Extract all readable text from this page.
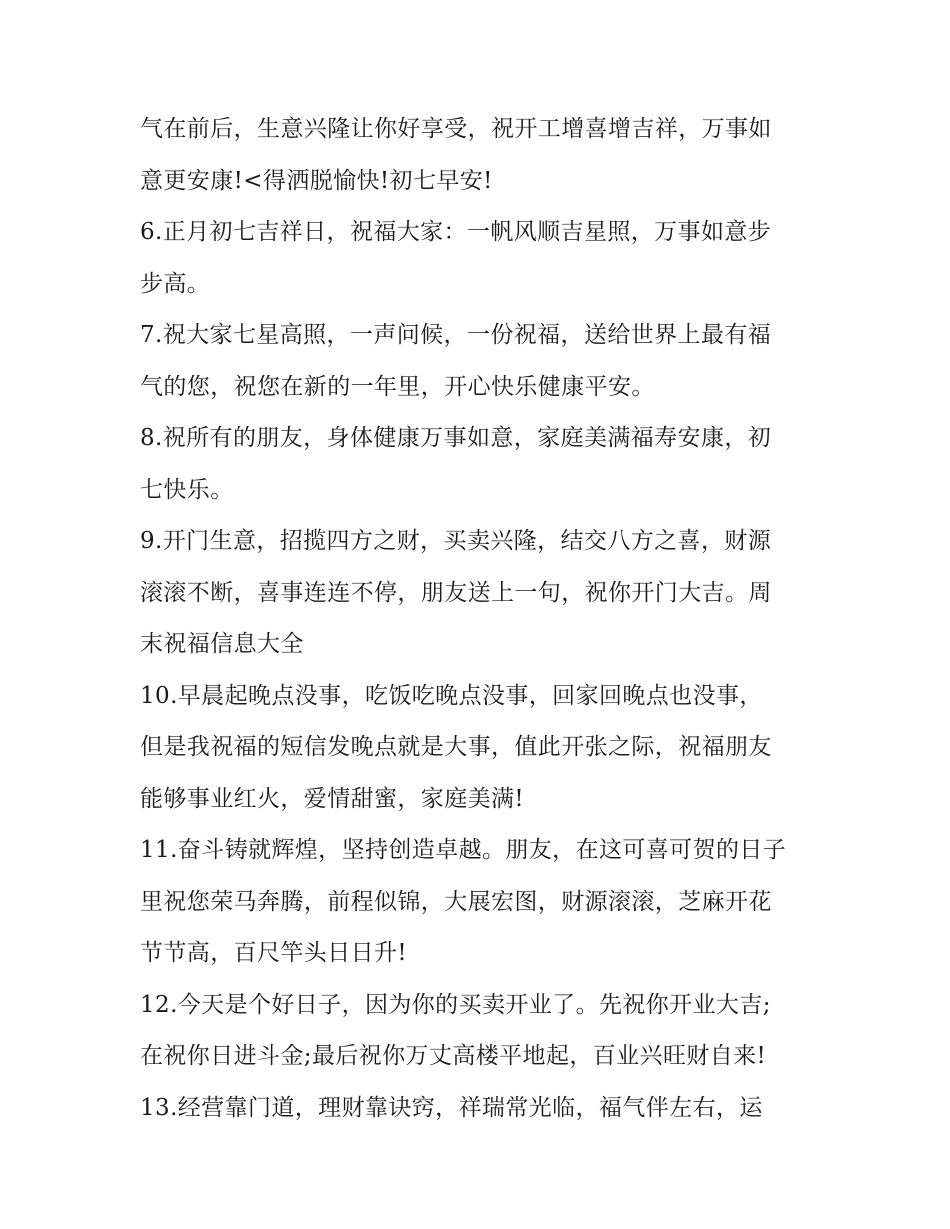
气在前后，生意兴隆让你好享受，祝开工增喜增吉祥，万事如
意更安康!<得洒脱愉快!初七早安!
6.正月初七吉祥日，祝福大家：一帆风顺吉星照，万事如意步
步高。
7.祝大家七星高照，一声问候，一份祝福，送给世界上最有福
气的您，祝您在新的一年里，开心快乐健康平安。
8.祝所有的朋友，身体健康万事如意，家庭美满福寿安康，初
七快乐。
9.开门生意，招揽四方之财，买卖兴隆，结交八方之喜，财源
滚滚不断，喜事连连不停，朋友送上一句，祝你开门大吉。周
末祝福信息大全
10.早晨起晚点没事，吃饭吃晚点没事，回家回晚点也没事，
但是我祝福的短信发晚点就是大事，值此开张之际，祝福朋友
能够事业红火，爱情甜蜜，家庭美满!
11.奋斗铸就辉煌，坚持创造卓越。朋友，在这可喜可贺的日子
里祝您荣马奔腾，前程似锦，大展宏图，财源滚滚，芝麻开花
节节高，百尺竿头日日升!
12.今天是个好日子，因为你的买卖开业了。先祝你开业大吉;
在祝你日进斗金;最后祝你万丈高楼平地起，百业兴旺财自来!
13.经营靠门道，理财靠诀窍，祥瑞常光临，福气伴左右，运
